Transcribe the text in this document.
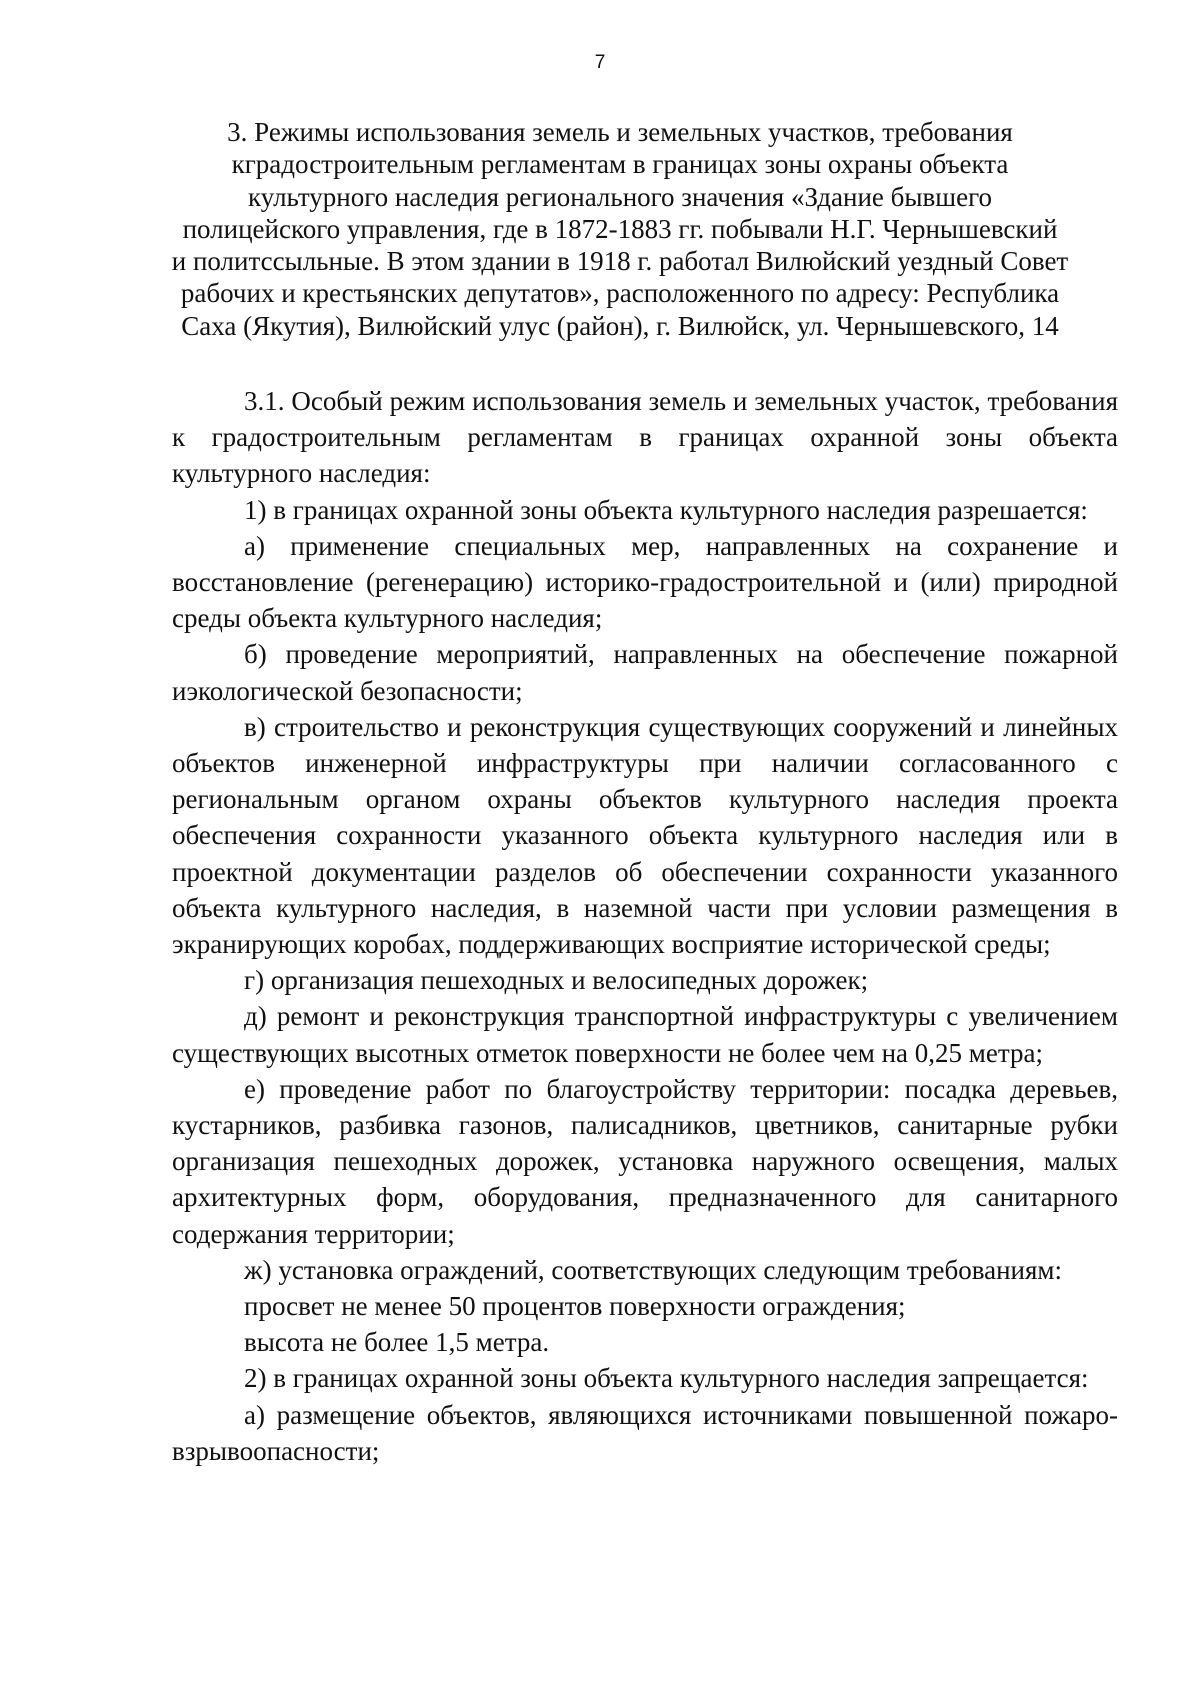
7
3. Режимы использования земель и земельных участков, требования
кградостроительным регламентам в границах зоны охраны объекта
культурного наследия регионального значения «Здание бывшего
полицейского управления, где в 1872-1883 гг. побывали Н.Г. Чернышевский
и политссыльные. В этом здании в 1918 г. работал Вилюйский уездный Совет
рабочих и крестьянских депутатов», расположенного по адресу: Республика
Саха (Якутия), Вилюйский улус (район), г. Вилюйск, ул. Чернышевского, 14

3.1. Особый режим использования земель и земельных участок, требования к градостроительным регламентам в границах охранной зоны объекта культурного наследия:

1) в границах охранной зоны объекта культурного наследия разрешается:

а) применение специальных мер, направленных на сохранение и восстановление (регенерацию) историко-градостроительной и (или) природной среды объекта культурного наследия;

б) проведение мероприятий, направленных на обеспечение пожарной иэкологической безопасности;

в) строительство и реконструкция существующих сооружений и линейных объектов инженерной инфраструктуры при наличии согласованного с региональным органом охраны объектов культурного наследия проекта обеспечения сохранности указанного объекта культурного наследия или в проектной документации разделов об обеспечении сохранности указанного объекта культурного наследия, в наземной части при условии размещения в экранирующих коробах, поддерживающих восприятие исторической среды;

г) организация пешеходных и велосипедных дорожек;

д) ремонт и реконструкция транспортной инфраструктуры с увеличением существующих высотных отметок поверхности не более чем на 0,25 метра;

е) проведение работ по благоустройству территории: посадка деревьев, кустарников, разбивка газонов, палисадников, цветников, санитарные рубки организация пешеходных дорожек, установка наружного освещения, малых архитектурных форм, оборудования, предназначенного для санитарного содержания территории;

ж) установка ограждений, соответствующих следующим требованиям:

просвет не менее 50 процентов поверхности ограждения;

высота не более 1,5 метра.

2) в границах охранной зоны объекта культурного наследия запрещается:

а) размещение объектов, являющихся источниками повышенной пожаро-взрывоопасности;
